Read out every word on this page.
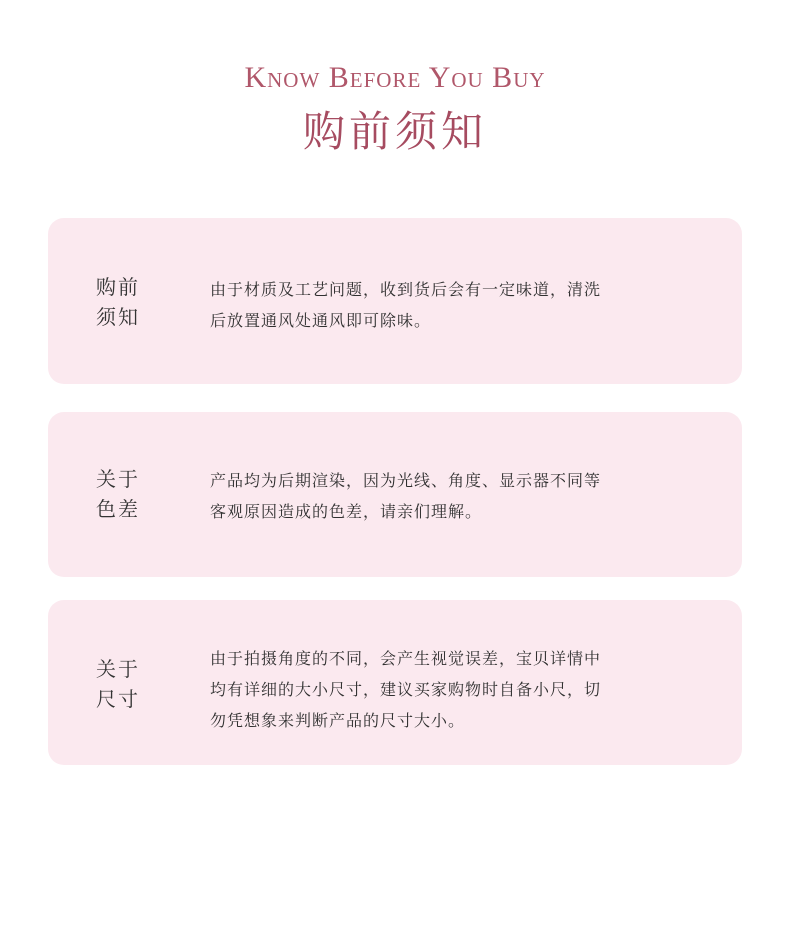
Know Before You Buy
购前须知
购前
须知
由于材质及工艺问题，收到货后会有一定味道，清洗
后放置通风处通风即可除味。
关于
色差
产品均为后期渲染，因为光线、角度、显示器不同等
客观原因造成的色差，请亲们理解。
关于
尺寸
由于拍摄角度的不同，会产生视觉误差，宝贝详情中
均有详细的大小尺寸，建议买家购物时自备小尺，切
勿凭想象来判断产品的尺寸大小。
